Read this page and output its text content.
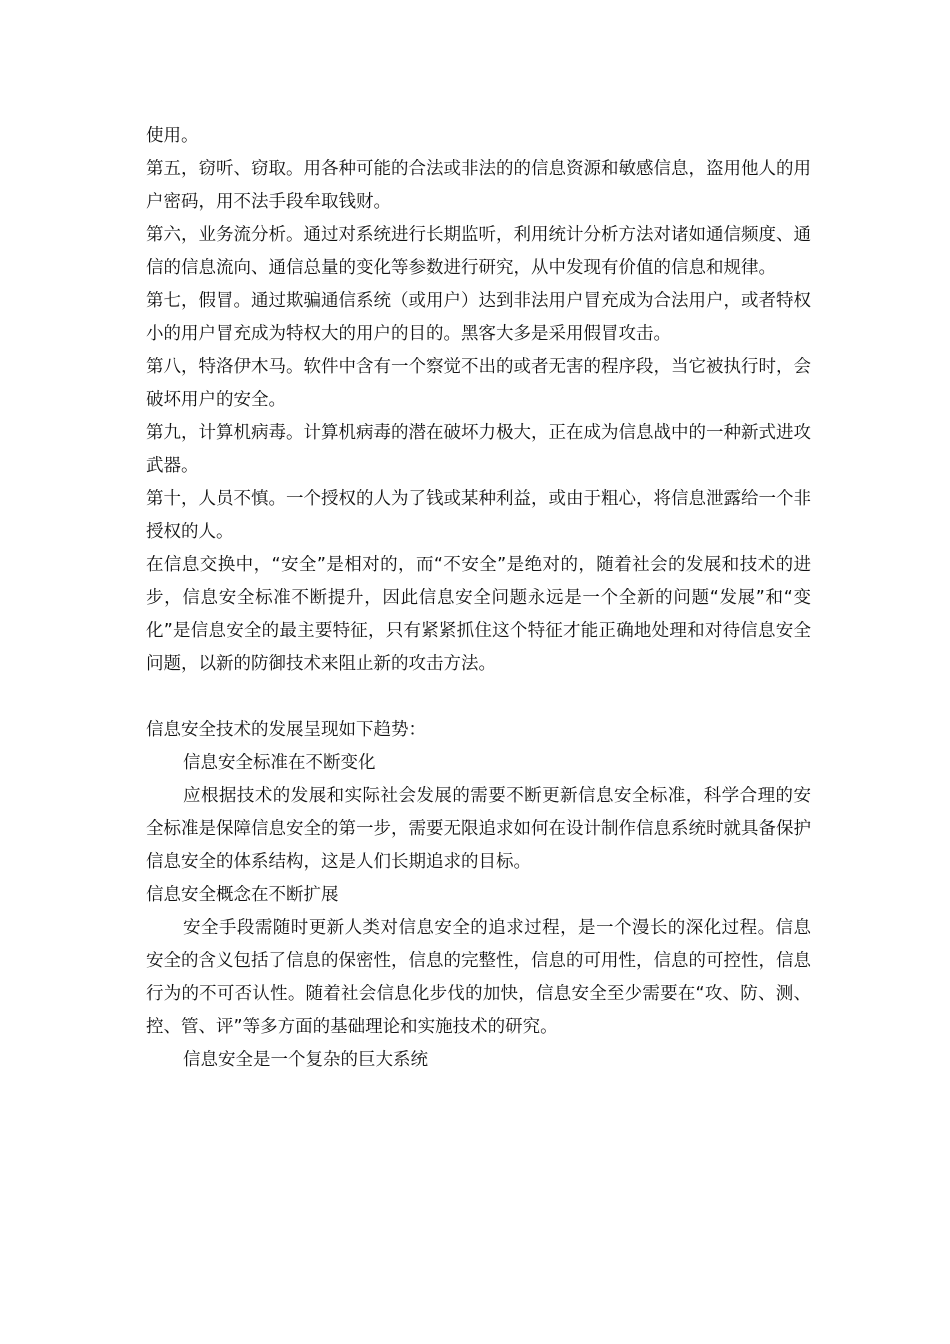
使用。

第五，窃听、窃取。用各种可能的合法或非法的的信息资源和敏感信息，盗用他人的用户密码，用不法手段牟取钱财。

第六，业务流分析。通过对系统进行长期监听，利用统计分析方法对诸如通信频度、通信的信息流向、通信总量的变化等参数进行研究，从中发现有价值的信息和规律。

第七，假冒。通过欺骗通信系统（或用户）达到非法用户冒充成为合法用户，或者特权小的用户冒充成为特权大的用户的目的。黑客大多是采用假冒攻击。

第八，特洛伊木马。软件中含有一个察觉不出的或者无害的程序段，当它被执行时，会破坏用户的安全。

第九，计算机病毒。计算机病毒的潜在破坏力极大，正在成为信息战中的一种新式进攻武器。

第十，人员不慎。一个授权的人为了钱或某种利益，或由于粗心，将信息泄露给一个非授权的人。

在信息交换中，“安全”是相对的，而“不安全”是绝对的，随着社会的发展和技术的进步，信息安全标准不断提升，因此信息安全问题永远是一个全新的问题“发展”和“变化”是信息安全的最主要特征，只有紧紧抓住这个特征才能正确地处理和对待信息安全问题，以新的防御技术来阻止新的攻击方法。

信息安全技术的发展呈现如下趋势：

信息安全标准在不断变化

应根据技术的发展和实际社会发展的需要不断更新信息安全标准，科学合理的安全标准是保障信息安全的第一步，需要无限追求如何在设计制作信息系统时就具备保护信息安全的体系结构，这是人们长期追求的目标。

信息安全概念在不断扩展

安全手段需随时更新人类对信息安全的追求过程，是一个漫长的深化过程。信息安全的含义包括了信息的保密性，信息的完整性，信息的可用性，信息的可控性，信息行为的不可否认性。随着社会信息化步伐的加快，信息安全至少需要在“攻、防、测、控、管、评”等多方面的基础理论和实施技术的研究。

信息安全是一个复杂的巨大系统
